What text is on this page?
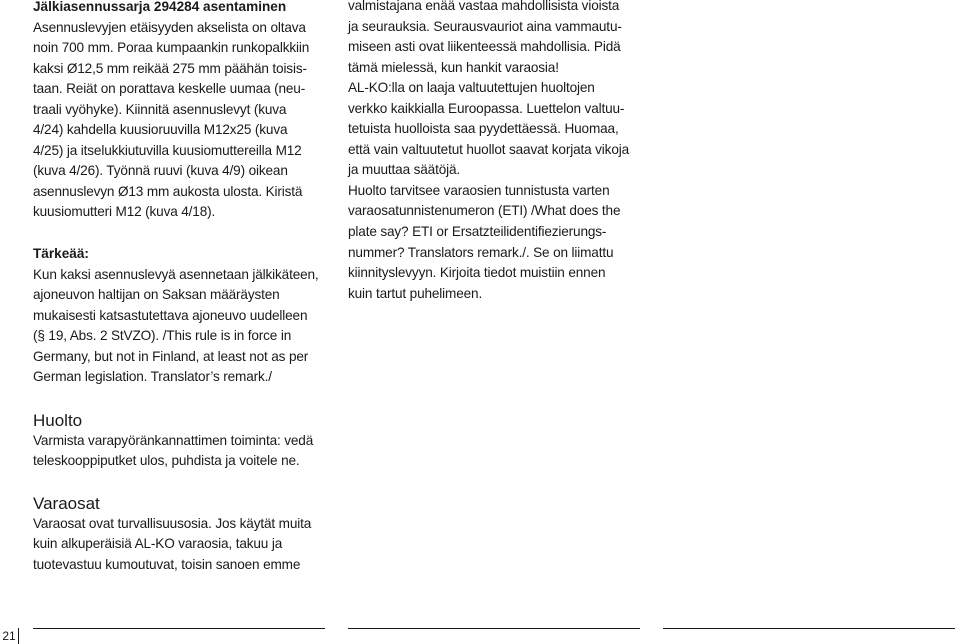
Jälkiasennussarja 294284 asentaminen

Asennuslevyjen etäisyyden akselista on oltava

noin 700 mm. Poraa kumpaankin runkopalkkiin

kaksi Ø12,5 mm reikää 275 mm päähän toisis-

taan. Reiät on porattava keskelle uumaa (neu-

traali vyöhyke). Kiinnitä asennuslevyt (kuva

4/24) kahdella kuusioruuvilla M12x25 (kuva

4/25) ja itselukkiutuvilla kuusiomuttereilla M12

(kuva 4/26). Työnnä ruuvi (kuva 4/9) oikean

asennuslevyn Ø13 mm aukosta ulosta. Kiristä

kuusiomutteri M12 (kuva 4/18).

Tärkeää:

Kun kaksi asennuslevyä asennetaan jälkikäteen,

ajoneuvon haltijan on Saksan määräysten

mukaisesti katsastutettava ajoneuvo uudelleen

(§ 19, Abs. 2 StVZO). /This rule is in force in

Germany, but not in Finland, at least not as per

German legislation. Translator’s remark./

Huolto

Varmista varapyöränkannattimen toiminta: vedä

teleskooppiputket ulos, puhdista ja voitele ne.

Varaosat

Varaosat ovat turvallisuusosia. Jos käytät muita

kuin alkuperäisiä AL-KO varaosia, takuu ja

tuotevastuu kumoutuvat, toisin sanoen emme

valmistajana enää vastaa mahdollisista vioista

ja seurauksia. Seurausvauriot aina vammautu-

miseen asti ovat liikenteessä mahdollisia. Pidä

tämä mielessä, kun hankit varaosia!

AL-KO:lla on laaja valtuutettujen huoltojen

verkko kaikkialla Euroopassa. Luettelon valtuu-

tetuista huolloista saa pyydettäessä. Huomaa,

että vain valtuutetut huollot saavat korjata vikoja

ja muuttaa säätöjä.

Huolto tarvitsee varaosien tunnistusta varten

varaosatunnistenumeron (ETI) /What does the

plate say? ETI or Ersatzteilidentifiezierungs-

nummer? Translators remark./. Se on liimattu

kiinnityslevyyn. Kirjoita tiedot muistiin ennen

kuin tartut puhelimeen.

21
